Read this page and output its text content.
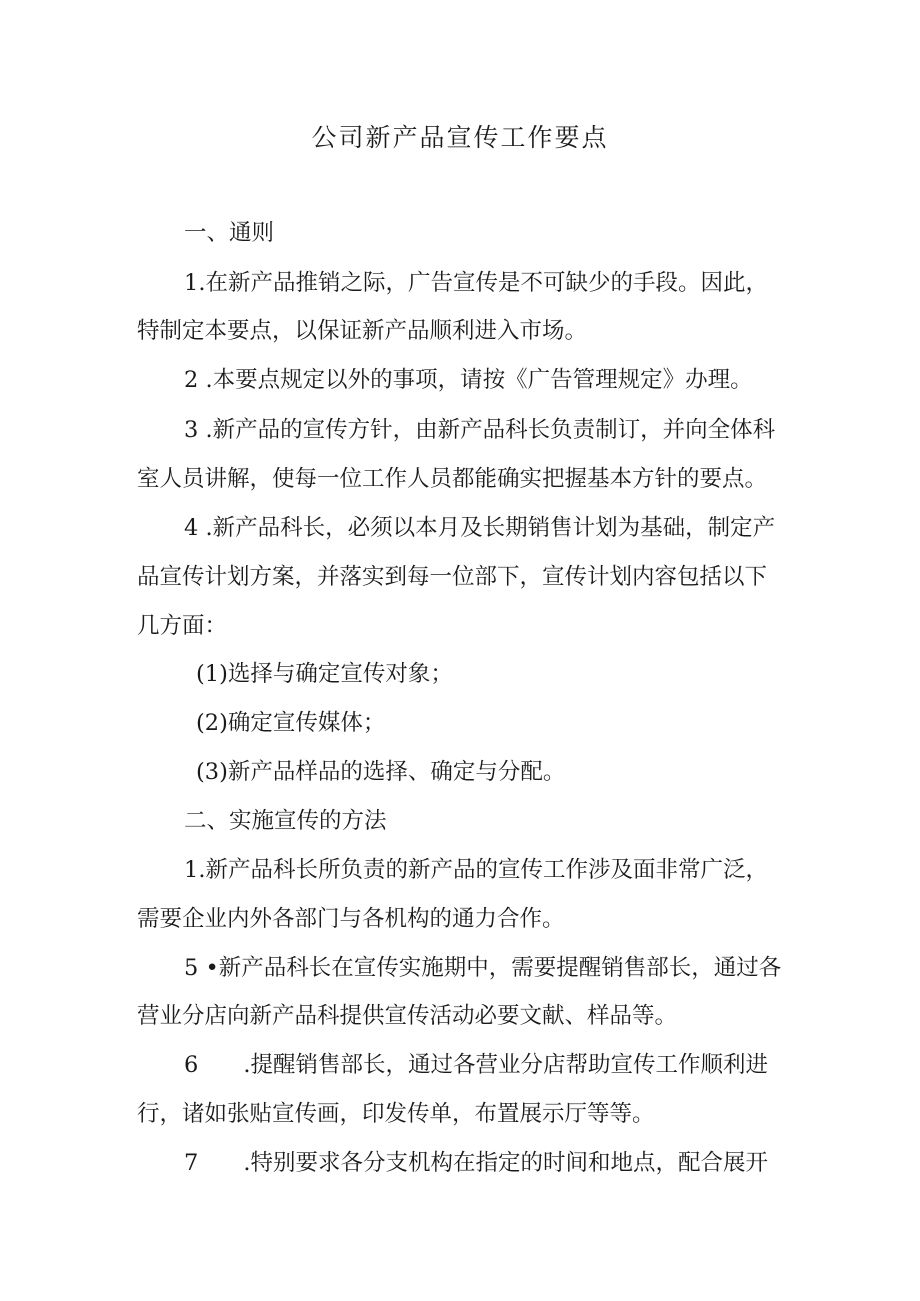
公司新产品宣传工作要点

一、通则

1.在新产品推销之际，广告宣传是不可缺少的手段。因此，

特制定本要点，以保证新产品顺利进入市场。

2 .本要点规定以外的事项，请按《广告管理规定》办理。

3 .新产品的宣传方针，由新产品科长负责制订，并向全体科

室人员讲解，使每一位工作人员都能确实把握基本方针的要点。

4 .新产品科长，必须以本月及长期销售计划为基础，制定产

品宣传计划方案，并落实到每一位部下，宣传计划内容包括以下

几方面：

(1)选择与确定宣传对象；

(2)确定宣传媒体；

(3)新产品样品的选择、确定与分配。

二、实施宣传的方法

1.新产品科长所负责的新产品的宣传工作涉及面非常广泛，

需要企业内外各部门与各机构的通力合作。

5 •新产品科长在宣传实施期中，需要提醒销售部长，通过各

营业分店向新产品科提供宣传活动必要文献、样品等。

6　　.提醒销售部长，通过各营业分店帮助宣传工作顺利进

行，诸如张贴宣传画，印发传单，布置展示厅等等。

7　　.特别要求各分支机构在指定的时间和地点，配合展开
